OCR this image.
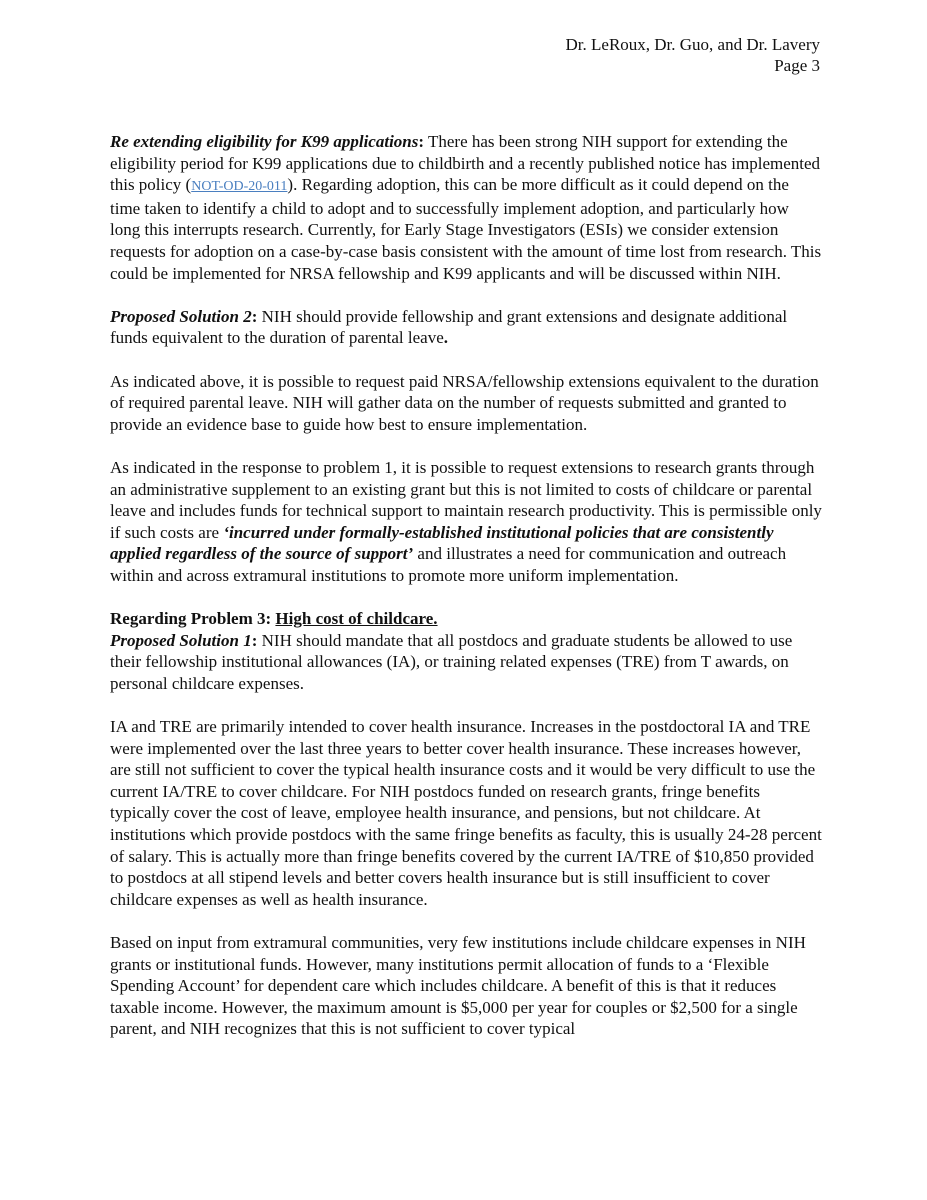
Dr. LeRoux, Dr. Guo, and Dr. Lavery
Page 3

Re extending eligibility for K99 applications: There has been strong NIH support for extending the eligibility period for K99 applications due to childbirth and a recently published notice has implemented this policy (NOT-OD-20-011). Regarding adoption, this can be more difficult as it could depend on the time taken to identify a child to adopt and to successfully implement adoption, and particularly how long this interrupts research. Currently, for Early Stage Investigators (ESIs) we consider extension requests for adoption on a case-by-case basis consistent with the amount of time lost from research. This could be implemented for NRSA fellowship and K99 applicants and will be discussed within NIH.

Proposed Solution 2: NIH should provide fellowship and grant extensions and designate additional funds equivalent to the duration of parental leave.

As indicated above, it is possible to request paid NRSA/fellowship extensions equivalent to the duration of required parental leave. NIH will gather data on the number of requests submitted and granted to provide an evidence base to guide how best to ensure implementation.

As indicated in the response to problem 1, it is possible to request extensions to research grants through an administrative supplement to an existing grant but this is not limited to costs of childcare or parental leave and includes funds for technical support to maintain research productivity. This is permissible only if such costs are ‘incurred under formally-established institutional policies that are consistently applied regardless of the source of support’ and illustrates a need for communication and outreach within and across extramural institutions to promote more uniform implementation.

Regarding Problem 3: High cost of childcare.
Proposed Solution 1: NIH should mandate that all postdocs and graduate students be allowed to use their fellowship institutional allowances (IA), or training related expenses (TRE) from T awards, on personal childcare expenses.

IA and TRE are primarily intended to cover health insurance. Increases in the postdoctoral IA and TRE were implemented over the last three years to better cover health insurance. These increases however, are still not sufficient to cover the typical health insurance costs and it would be very difficult to use the current IA/TRE to cover childcare. For NIH postdocs funded on research grants, fringe benefits typically cover the cost of leave, employee health insurance, and pensions, but not childcare. At institutions which provide postdocs with the same fringe benefits as faculty, this is usually 24-28 percent of salary. This is actually more than fringe benefits covered by the current IA/TRE of $10,850 provided to postdocs at all stipend levels and better covers health insurance but is still insufficient to cover childcare expenses as well as health insurance.

Based on input from extramural communities, very few institutions include childcare expenses in NIH grants or institutional funds. However, many institutions permit allocation of funds to a ‘Flexible Spending Account’ for dependent care which includes childcare. A benefit of this is that it reduces taxable income. However, the maximum amount is $5,000 per year for couples or $2,500 for a single parent, and NIH recognizes that this is not sufficient to cover typical
